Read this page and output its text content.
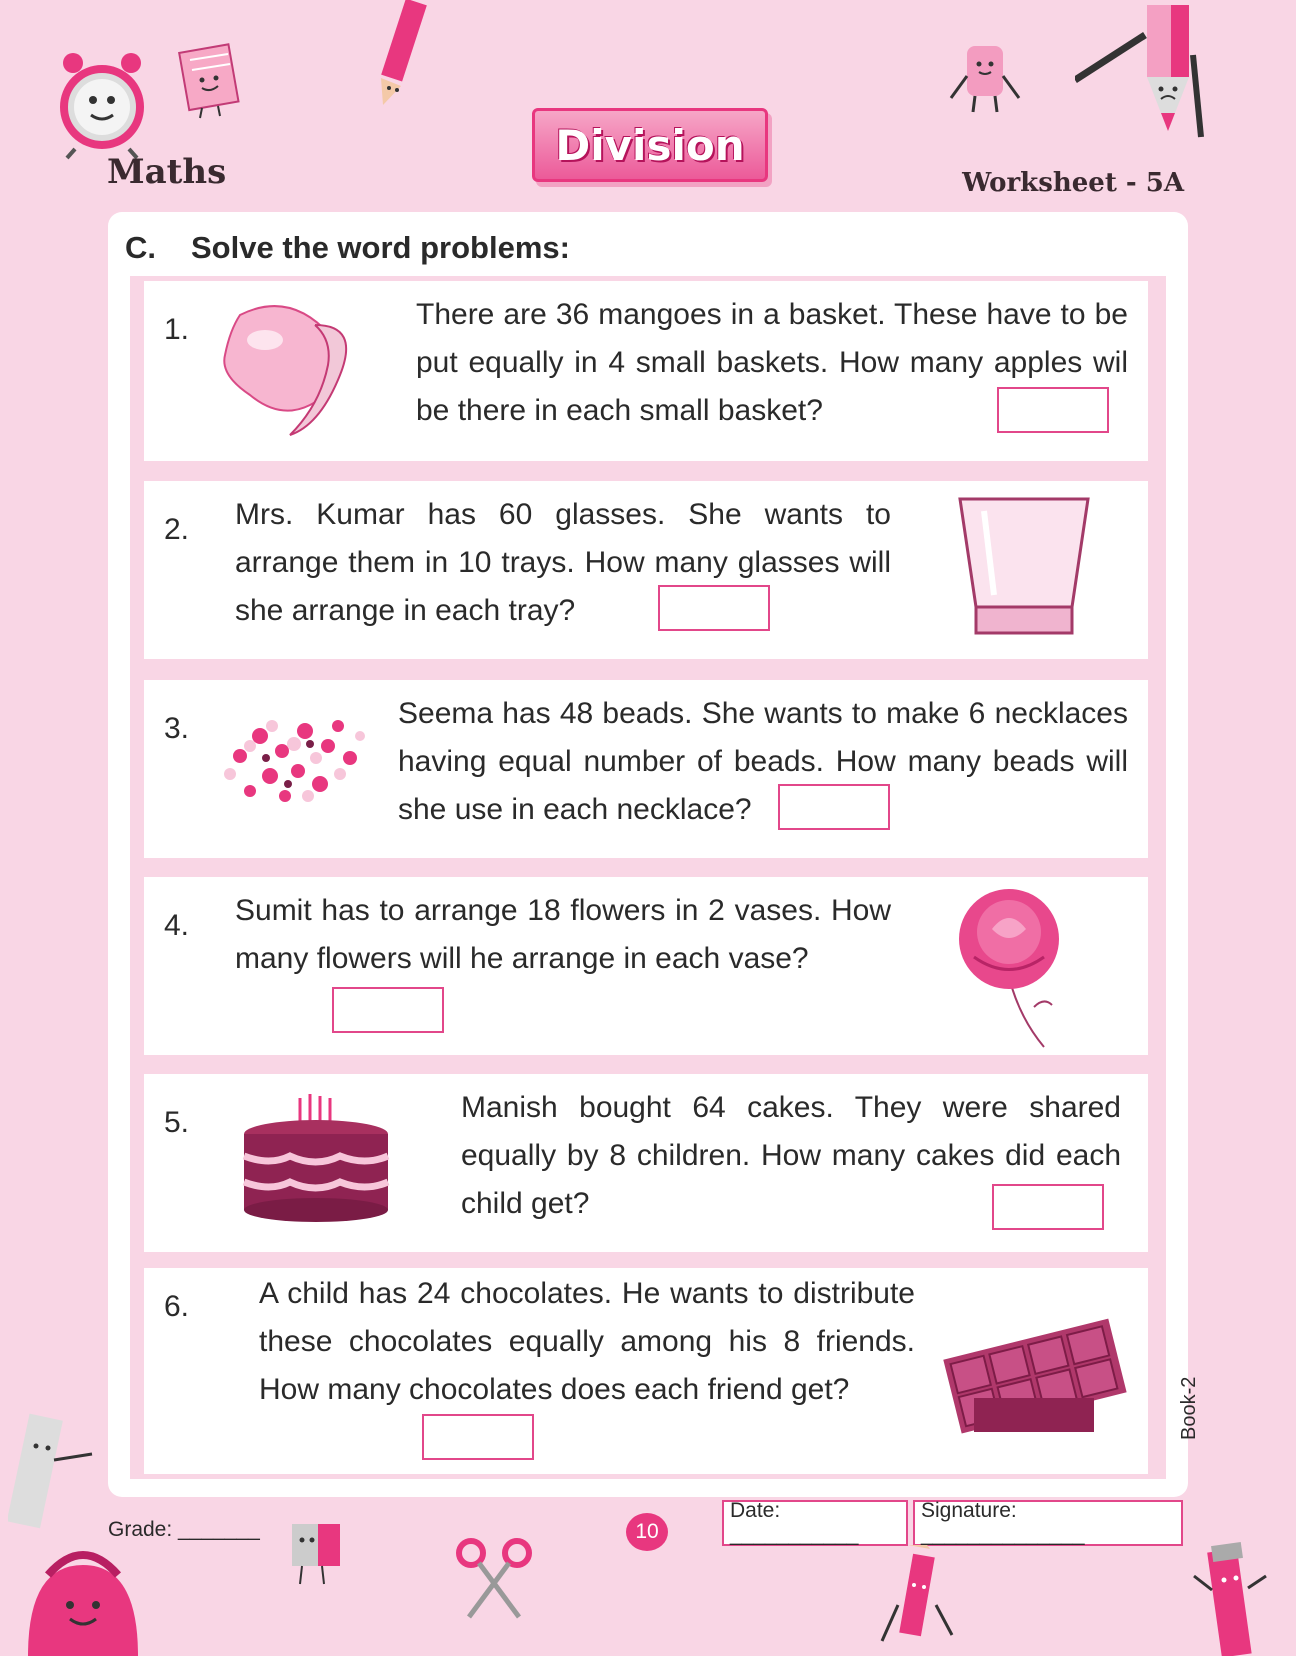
Maths
Division
Worksheet - 5A
C. Solve the word problems:
1.	There are 36 mangoes in a basket. These have to be put equally in 4 small baskets. How many apples wil be there in each small basket?
2. Mrs. Kumar has 60 glasses. She wants to arrange them in 10 trays. How many glasses will she arrange in each tray?
3.	Seema has 48 beads. She wants to make 6 necklaces having equal number of beads. How many beads will she use in each necklace?
4. Sumit has to arrange 18 flowers in 2 vases. How many flowers will he arrange in each vase?
5.	Manish bought 64 cakes. They were shared equally by 8 children. How many cakes did each child get?
6. A child has 24 chocolates. He wants to distribute these chocolates equally among his 8 friends. How many chocolates does each friend get?	Book-2
Grade: _______	10
Date: ___________
Signature: ______________
